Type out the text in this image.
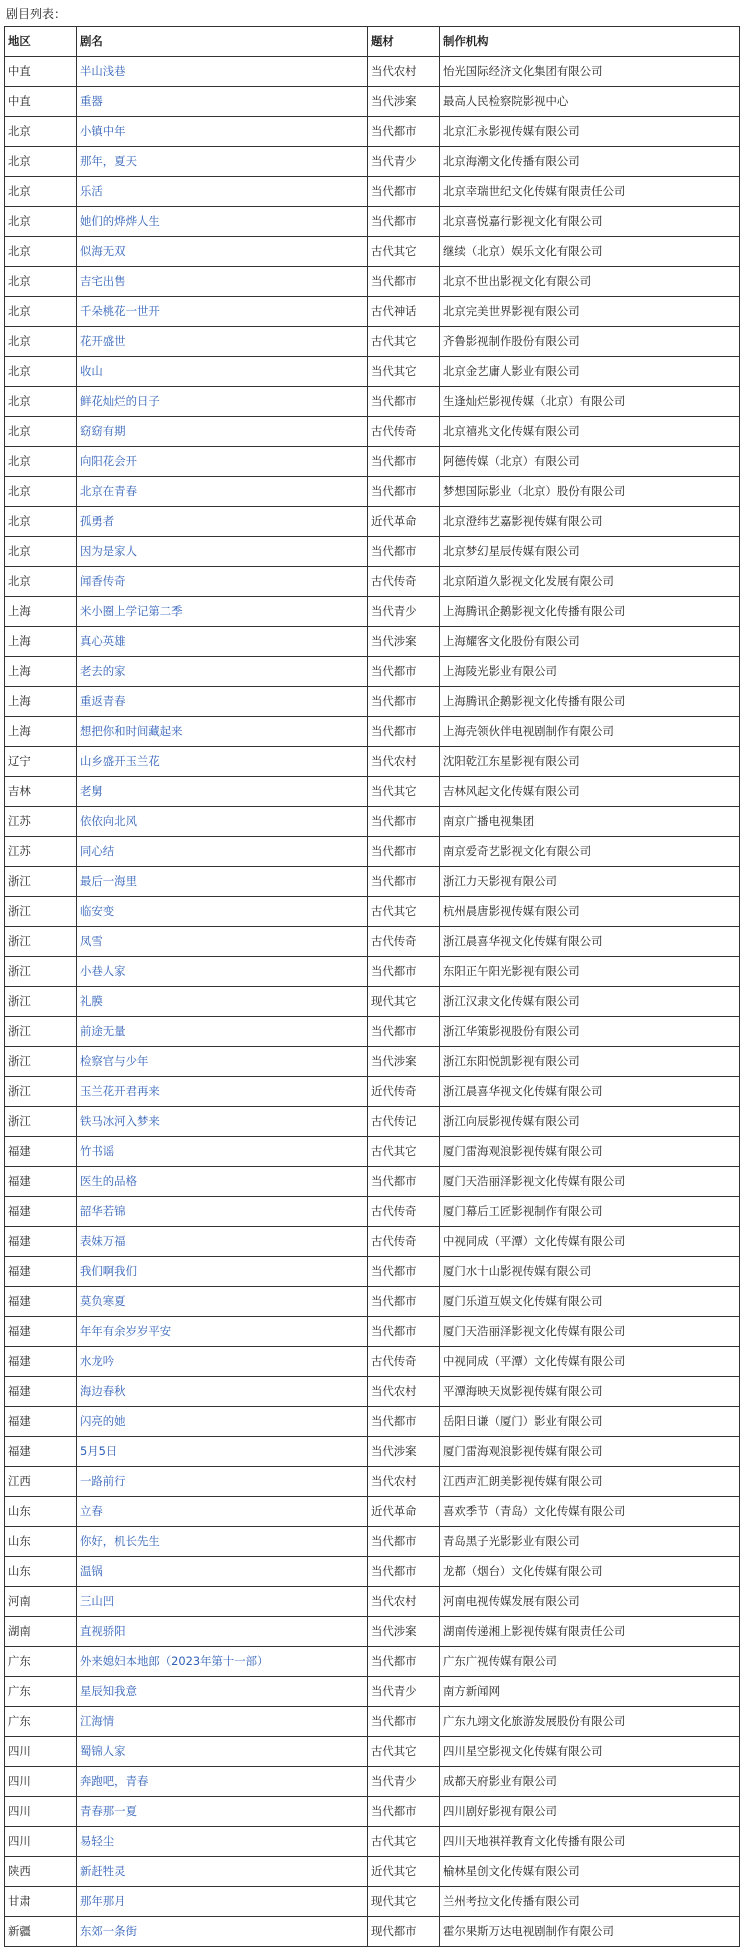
剧目列表：
地区	剧名	题材	制作机构
中直	半山浅巷	当代农村	怡光国际经济文化集团有限公司
中直	重器	当代涉案	最高人民检察院影视中心
北京	小镇中年	当代都市	北京汇永影视传媒有限公司
北京	那年，夏天	当代青少	北京海潮文化传播有限公司
北京	乐活	当代都市	北京幸瑞世纪文化传媒有限责任公司
北京	她们的烨烨人生	当代都市	北京喜悦嘉行影视文化有限公司
北京	似海无双	古代其它	继续（北京）娱乐文化有限公司
北京	吉宅出售	当代都市	北京不世出影视文化有限公司
北京	千朵桃花一世开	古代神话	北京完美世界影视有限公司
北京	花开盛世	古代其它	齐鲁影视制作股份有限公司
北京	收山	当代其它	北京金艺庸人影业有限公司
北京	鲜花灿烂的日子	当代都市	生逢灿烂影视传媒（北京）有限公司
北京	窈窈有期	古代传奇	北京禧兆文化传媒有限公司
北京	向阳花会开	当代都市	阿德传媒（北京）有限公司
北京	北京在青春	当代都市	梦想国际影业（北京）股份有限公司
北京	孤勇者	近代革命	北京澄纬艺嘉影视传媒有限公司
北京	因为是家人	当代都市	北京梦幻星辰传媒有限公司
北京	闻香传奇	古代传奇	北京陌道久影视文化发展有限公司
上海	米小圈上学记第二季	当代青少	上海腾讯企鹅影视文化传播有限公司
上海	真心英雄	当代涉案	上海耀客文化股份有限公司
上海	老去的家	当代都市	上海陵光影业有限公司
上海	重返青春	当代都市	上海腾讯企鹅影视文化传播有限公司
上海	想把你和时间藏起来	当代都市	上海壳领伙伴电视剧制作有限公司
辽宁	山乡盛开玉兰花	当代农村	沈阳乾江东星影视有限公司
吉林	老舅	当代其它	吉林风起文化传媒有限公司
江苏	依依向北风	当代都市	南京广播电视集团
江苏	同心结	当代都市	南京爱奇艺影视文化有限公司
浙江	最后一海里	当代都市	浙江力天影视有限公司
浙江	临安变	古代其它	杭州晨唐影视传媒有限公司
浙江	凤雪	古代传奇	浙江晨喜华视文化传媒有限公司
浙江	小巷人家	当代都市	东阳正午阳光影视有限公司
浙江	礼膜	现代其它	浙江汉隶文化传媒有限公司
浙江	前途无量	当代都市	浙江华策影视股份有限公司
浙江	检察官与少年	当代涉案	浙江东阳悦凯影视有限公司
浙江	玉兰花开君再来	近代传奇	浙江晨喜华视文化传媒有限公司
浙江	铁马冰河入梦来	古代传记	浙江向辰影视传媒有限公司
福建	竹书谣	古代其它	厦门雷海观浪影视传媒有限公司
福建	医生的品格	当代都市	厦门天浩丽泽影视文化传媒有限公司
福建	韶华若锦	古代传奇	厦门幕后工匠影视制作有限公司
福建	表妹万福	古代传奇	中视同成（平潭）文化传媒有限公司
福建	我们啊我们	当代都市	厦门水十山影视传媒有限公司
福建	莫负寒夏	当代都市	厦门乐道互娱文化传媒有限公司
福建	年年有余岁岁平安	当代都市	厦门天浩丽泽影视文化传媒有限公司
福建	水龙吟	古代传奇	中视同成（平潭）文化传媒有限公司
福建	海边春秋	当代农村	平潭海映天岚影视传媒有限公司
福建	闪亮的她	当代都市	岳阳日谦（厦门）影业有限公司
福建	5月5日	当代涉案	厦门雷海观浪影视传媒有限公司
江西	一路前行	当代农村	江西声汇朗美影视传媒有限公司
山东	立春	近代革命	喜欢季节（青岛）文化传媒有限公司
山东	你好，机长先生	当代都市	青岛黑子光影影业有限公司
山东	温锅	当代都市	龙都（烟台）文化传媒有限公司
河南	三山凹	当代农村	河南电视传媒发展有限公司
湖南	直视骄阳	当代涉案	湖南传递湘上影视传媒有限责任公司
广东	外来媳妇本地郎（2023年第十一部）	当代都市	广东广视传媒有限公司
广东	星辰知我意	当代青少	南方新闻网
广东	江海情	当代都市	广东九翊文化旅游发展股份有限公司
四川	蜀锦人家	古代其它	四川星空影视文化传媒有限公司
四川	奔跑吧，青春	当代青少	成都天府影业有限公司
四川	青春那一夏	当代都市	四川剧好影视有限公司
四川	易轻尘	古代其它	四川天地祺祥教育文化传播有限公司
陕西	新赶牲灵	近代其它	榆林星创文化传媒有限公司
甘肃	那年那月	现代其它	兰州考拉文化传播有限公司
新疆	东郊一条街	现代都市	霍尔果斯万达电视剧制作有限公司
